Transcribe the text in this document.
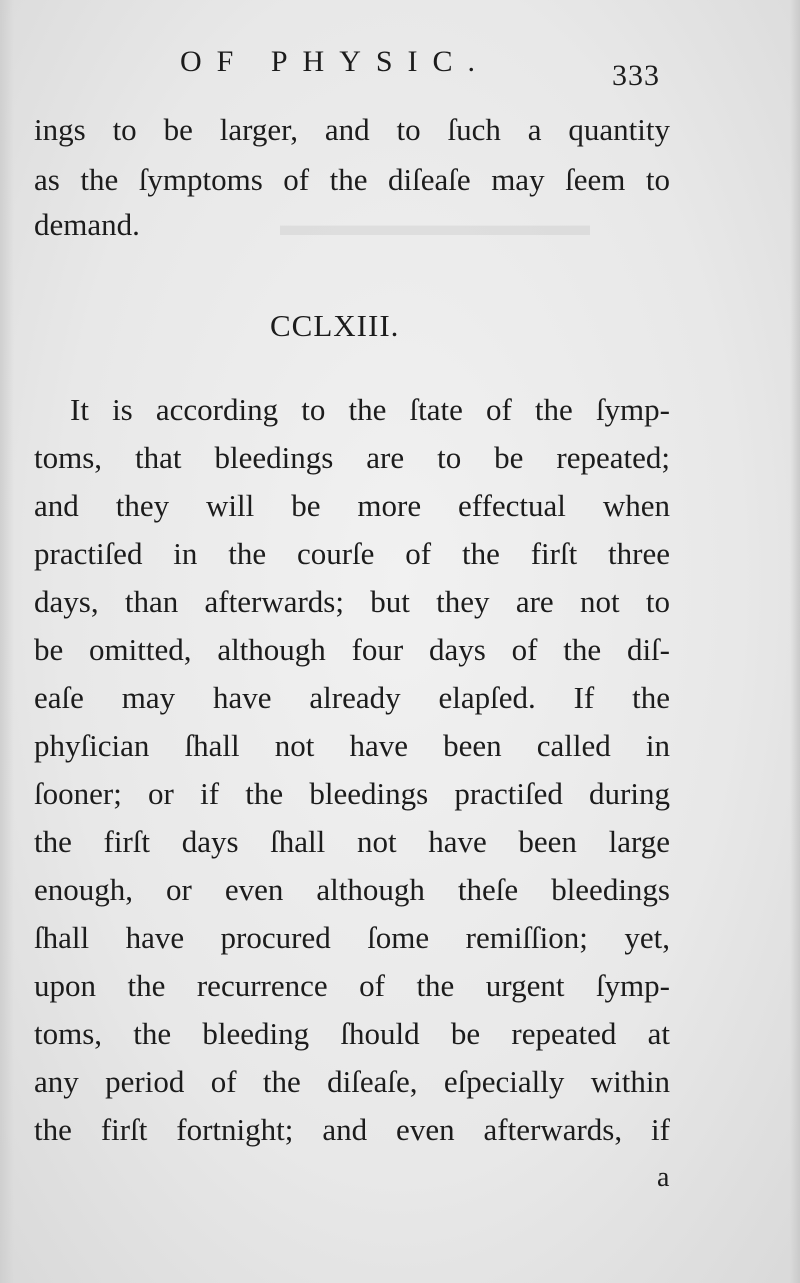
▬▬▬▬▬▬▬▬▬▬
OF PHYSIC.	333
ings to be larger, and to ſuch a quantity
as the ſymptoms of the diſeaſe may ſeem to
demand.
CCLXIII.
It is according to the ſtate of the ſymp-
toms, that bleedings are to be repeated;
and they will be more effectual when
practiſed in the courſe of the firſt three
days, than afterwards; but they are not to
be omitted, although four days of the diſ-
eaſe may have already elapſed. If the
phyſician ſhall not have been called in
ſooner; or if the bleedings practiſed during
the firſt days ſhall not have been large
enough, or even although theſe bleedings
ſhall have procured ſome remiſſion; yet,
upon the recurrence of the urgent ſymp-
toms, the bleeding ſhould be repeated at
any period of the diſeaſe, eſpecially within
the firſt fortnight; and even afterwards, if
a
